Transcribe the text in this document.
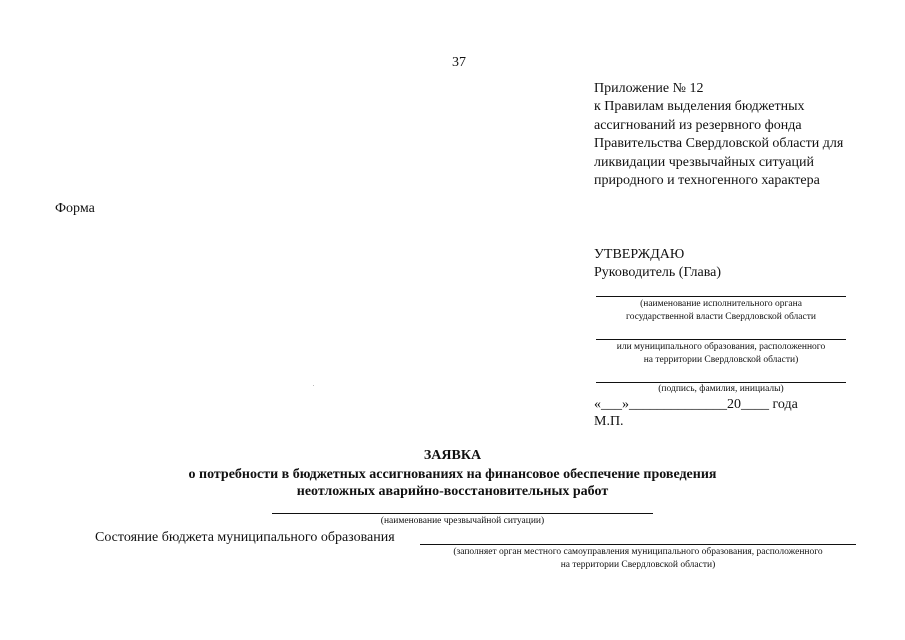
37
Приложение № 12
к Правилам выделения бюджетных
ассигнований из резервного фонда
Правительства Свердловской области для
ликвидации чрезвычайных ситуаций
природного и техногенного характера
Форма
УТВЕРЖДАЮ
Руководитель (Глава)
(наименование исполнительного органа
государственной власти Свердловской области
или муниципального образования, расположенного
на территории Свердловской области)
(подпись, фамилия, инициалы)
«___»______________20____ года
М.П.
ЗАЯВКА
о потребности в бюджетных ассигнованиях на финансовое обеспечение проведения
неотложных аварийно-восстановительных работ
(наименование чрезвычайной ситуации)
Состояние бюджета муниципального образования
(заполняет орган местного самоуправления муниципального образования, расположенного
на территории Свердловской области)
